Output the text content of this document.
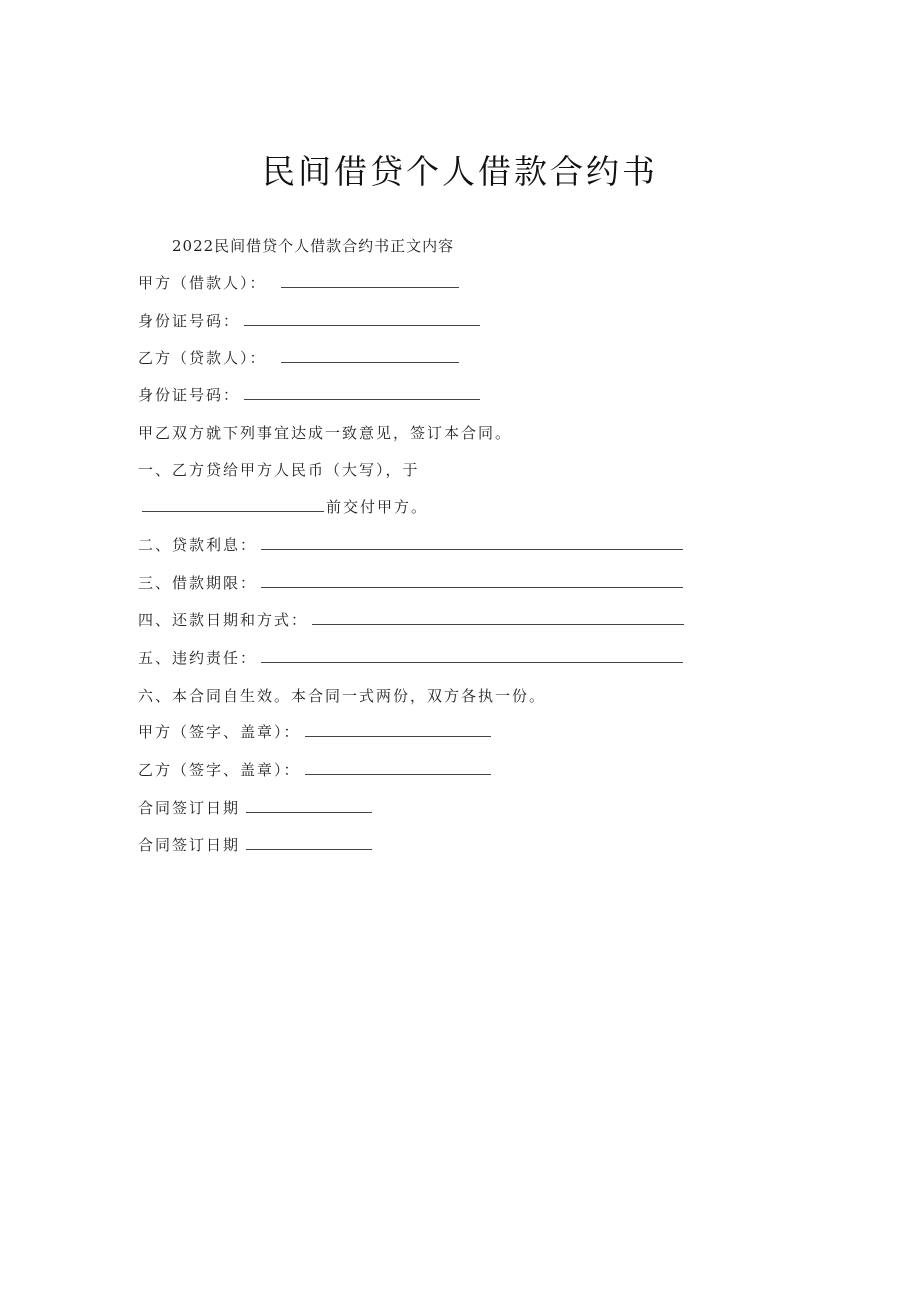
民间借贷个人借款合约书
2022民间借贷个人借款合约书正文内容
甲方（借款人）：
身份证号码：
乙方（贷款人）：
身份证号码：
甲乙双方就下列事宜达成一致意见，签订本合同。
一、乙方贷给甲方人民币（大写），于
前交付甲方。
二、贷款利息：
三、借款期限：
四、还款日期和方式：
五、违约责任：
六、本合同自生效。本合同一式两份，双方各执一份。
甲方（签字、盖章）：
乙方（签字、盖章）：
合同签订日期
合同签订日期
